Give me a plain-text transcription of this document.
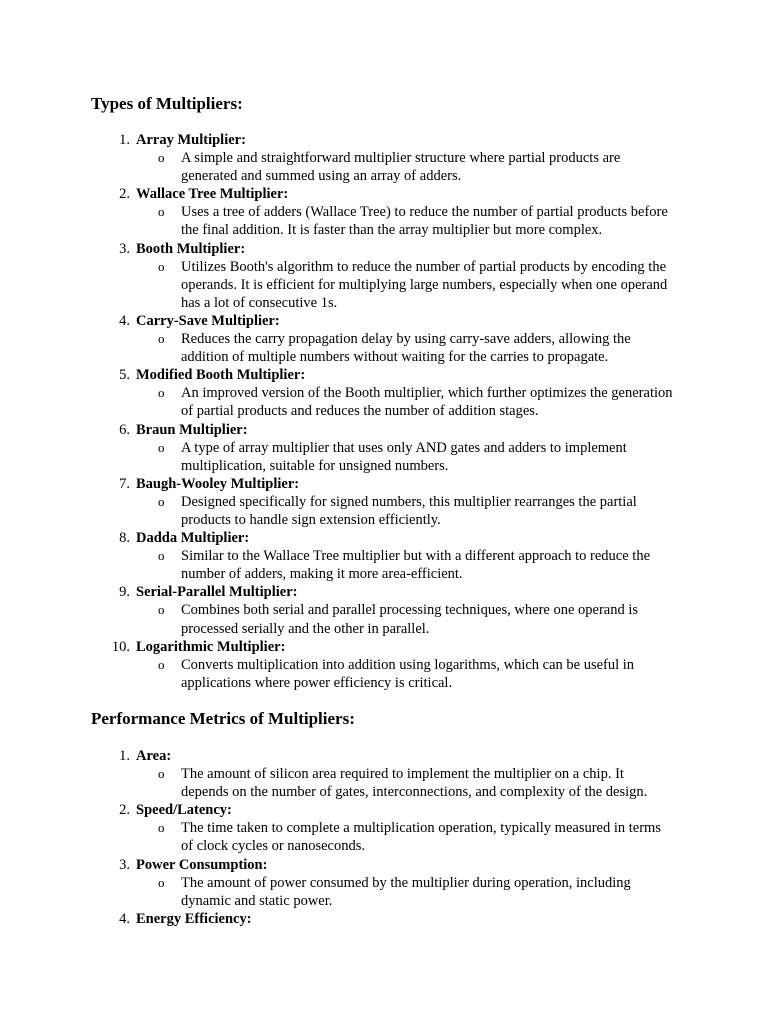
Types of Multipliers:
1. Array Multiplier:
o A simple and straightforward multiplier structure where partial products are generated and summed using an array of adders.
2. Wallace Tree Multiplier:
o Uses a tree of adders (Wallace Tree) to reduce the number of partial products before the final addition. It is faster than the array multiplier but more complex.
3. Booth Multiplier:
o Utilizes Booth's algorithm to reduce the number of partial products by encoding the operands. It is efficient for multiplying large numbers, especially when one operand has a lot of consecutive 1s.
4. Carry-Save Multiplier:
o Reduces the carry propagation delay by using carry-save adders, allowing the addition of multiple numbers without waiting for the carries to propagate.
5. Modified Booth Multiplier:
o An improved version of the Booth multiplier, which further optimizes the generation of partial products and reduces the number of addition stages.
6. Braun Multiplier:
o A type of array multiplier that uses only AND gates and adders to implement multiplication, suitable for unsigned numbers.
7. Baugh-Wooley Multiplier:
o Designed specifically for signed numbers, this multiplier rearranges the partial products to handle sign extension efficiently.
8. Dadda Multiplier:
o Similar to the Wallace Tree multiplier but with a different approach to reduce the number of adders, making it more area-efficient.
9. Serial-Parallel Multiplier:
o Combines both serial and parallel processing techniques, where one operand is processed serially and the other in parallel.
10. Logarithmic Multiplier:
o Converts multiplication into addition using logarithms, which can be useful in applications where power efficiency is critical.
Performance Metrics of Multipliers:
1. Area:
o The amount of silicon area required to implement the multiplier on a chip. It depends on the number of gates, interconnections, and complexity of the design.
2. Speed/Latency:
o The time taken to complete a multiplication operation, typically measured in terms of clock cycles or nanoseconds.
3. Power Consumption:
o The amount of power consumed by the multiplier during operation, including dynamic and static power.
4. Energy Efficiency:
